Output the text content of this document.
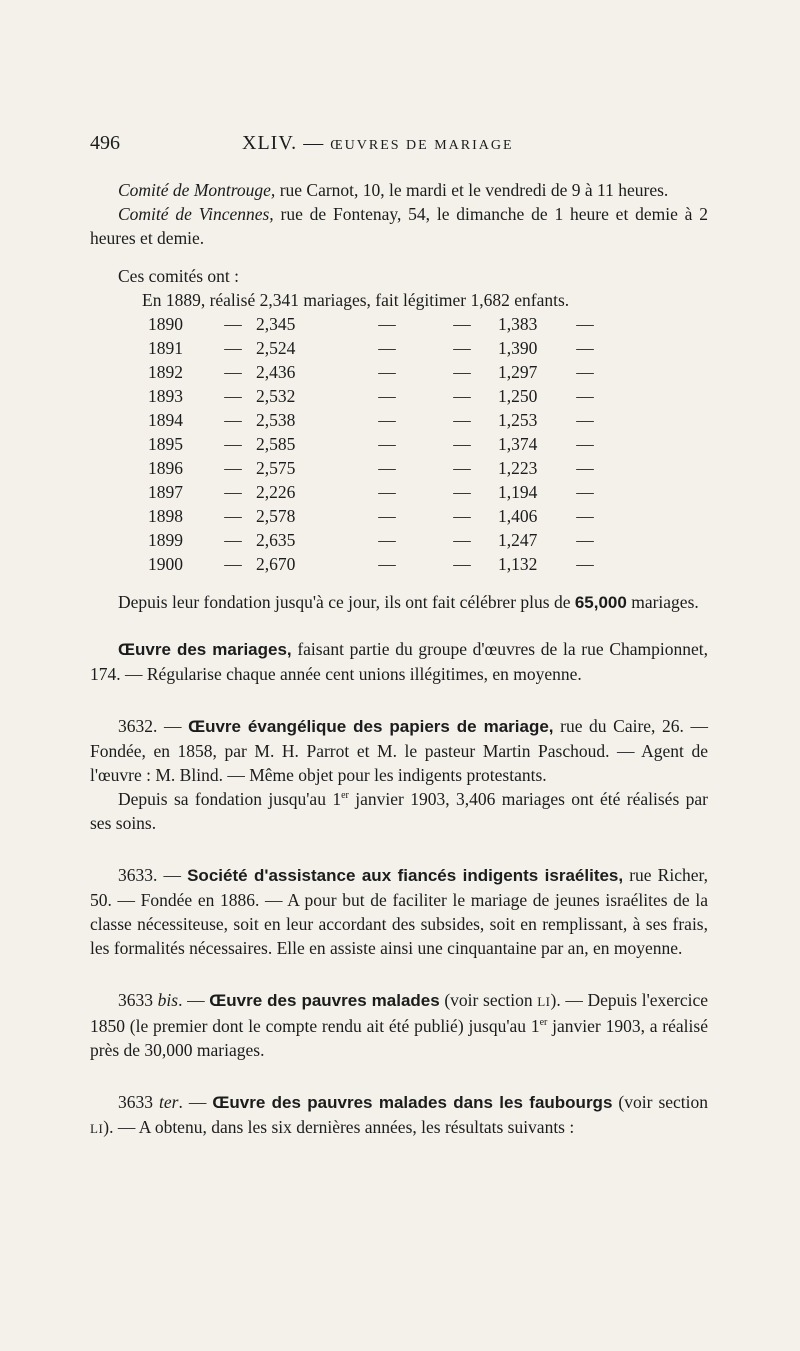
496	XLIV. — ŒUVRES DE MARIAGE

Comité de Montrouge, rue Carnot, 10, le mardi et le vendredi de 9 à 11 heures.

Comité de Vincennes, rue de Fontenay, 54, le dimanche de 1 heure et demie à 2 heures et demie.

Ces comités ont :

En 1889, réalisé 2,341 mariages, fait légitimer 1,682 enfants.

1890	—	2,345	—	—	1,383	—
1891	—	2,524	—	—	1,390	—
1892	—	2,436	—	—	1,297	—
1893	—	2,532	—	—	1,250	—
1894	—	2,538	—	—	1,253	—
1895	—	2,585	—	—	1,374	—
1896	—	2,575	—	—	1,223	—
1897	—	2,226	—	—	1,194	—
1898	—	2,578	—	—	1,406	—
1899	—	2,635	—	—	1,247	—
1900	—	2,670	—	—	1,132	—

Depuis leur fondation jusqu'à ce jour, ils ont fait célébrer plus de 65,000 mariages.

Œuvre des mariages, faisant partie du groupe d'œuvres de la rue Championnet, 174. — Régularise chaque année cent unions illégitimes, en moyenne.

3632. — Œuvre évangélique des papiers de mariage, rue du Caire, 26. — Fondée, en 1858, par M. H. Parrot et M. le pasteur Martin Paschoud. — Agent de l'œuvre : M. Blind. — Même objet pour les indigents protestants.

Depuis sa fondation jusqu'au 1er janvier 1903, 3,406 mariages ont été réalisés par ses soins.

3633. — Société d'assistance aux fiancés indigents israélites, rue Richer, 50. — Fondée en 1886. — A pour but de faciliter le mariage de jeunes israélites de la classe nécessiteuse, soit en leur accordant des subsides, soit en remplissant, à ses frais, les formalités nécessaires. Elle en assiste ainsi une cinquantaine par an, en moyenne.

3633 bis. — Œuvre des pauvres malades (voir section LI). — Depuis l'exercice 1850 (le premier dont le compte rendu ait été publié) jusqu'au 1er janvier 1903, a réalisé près de 30,000 mariages.

3633 ter. — Œuvre des pauvres malades dans les faubourgs (voir section LI). — A obtenu, dans les six dernières années, les résultats suivants :
